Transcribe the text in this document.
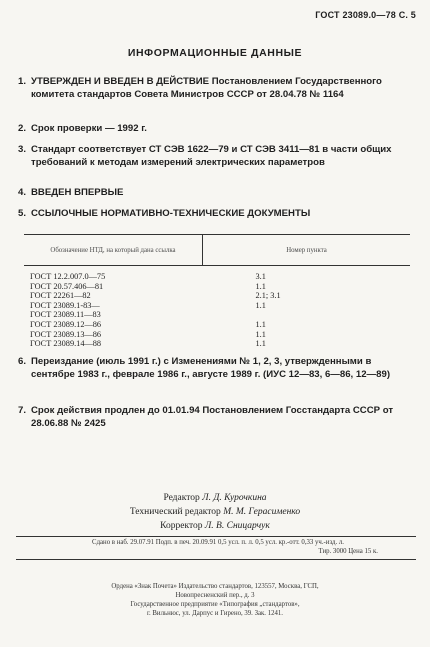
ГОСТ 23089.0—78 С. 5
ИНФОРМАЦИОННЫЕ ДАННЫЕ
1. УТВЕРЖДЕН И ВВЕДЕН В ДЕЙСТВИЕ Постановлением Государственного комитета стандартов Совета Министров СССР от 28.04.78 № 1164
2. Срок проверки — 1992 г.
3. Стандарт соответствует СТ СЭВ 1622—79 и СТ СЭВ 3411—81 в части общих требований к методам измерений электрических параметров
4. ВВЕДЕН ВПЕРВЫЕ
5. ССЫЛОЧНЫЕ НОРМАТИВНО-ТЕХНИЧЕСКИЕ ДОКУМЕНТЫ
Обозначение НТД, на который дана ссылка	Номер пункта
ГОСТ 12.2.007.0—75	3.1
ГОСТ 20.57.406—81	1.1
ГОСТ 22261—82	2.1; 3.1
ГОСТ 23089.1-83—	1.1
ГОСТ 23089.11—83	
ГОСТ 23089.12—86	1.1
ГОСТ 23089.13—86	1.1
ГОСТ 23089.14—88	1.1
6. Переиздание (июль 1991 г.) с Изменениями № 1, 2, 3, утвержденными в сентябре 1983 г., феврале 1986 г., августе 1989 г. (ИУС 12—83, 6—86, 12—89)
7. Срок действия продлен до 01.01.94 Постановлением Госстандарта СССР от 28.06.88 № 2425
Редактор Л. Д. Курочкина
Технический редактор М. М. Герасименко
Корректор Л. В. Сницарчук
Сдано в наб. 29.07.91 Подп. в печ. 20.09.91 0,5 усл. п. л. 0,5 усл. кр.-отт. 0,33 уч.-изд. л.
Тир. 3000 Цена 15 к.
Ордена «Знак Почета» Издательство стандартов, 123557, Москва, ГСП,
Новопресненский пер., д. 3
Государственное предприятие «Типография „стандартов»,
г. Вильнюс, ул. Дарпус и Гирено, 39. Зак. 1241.
